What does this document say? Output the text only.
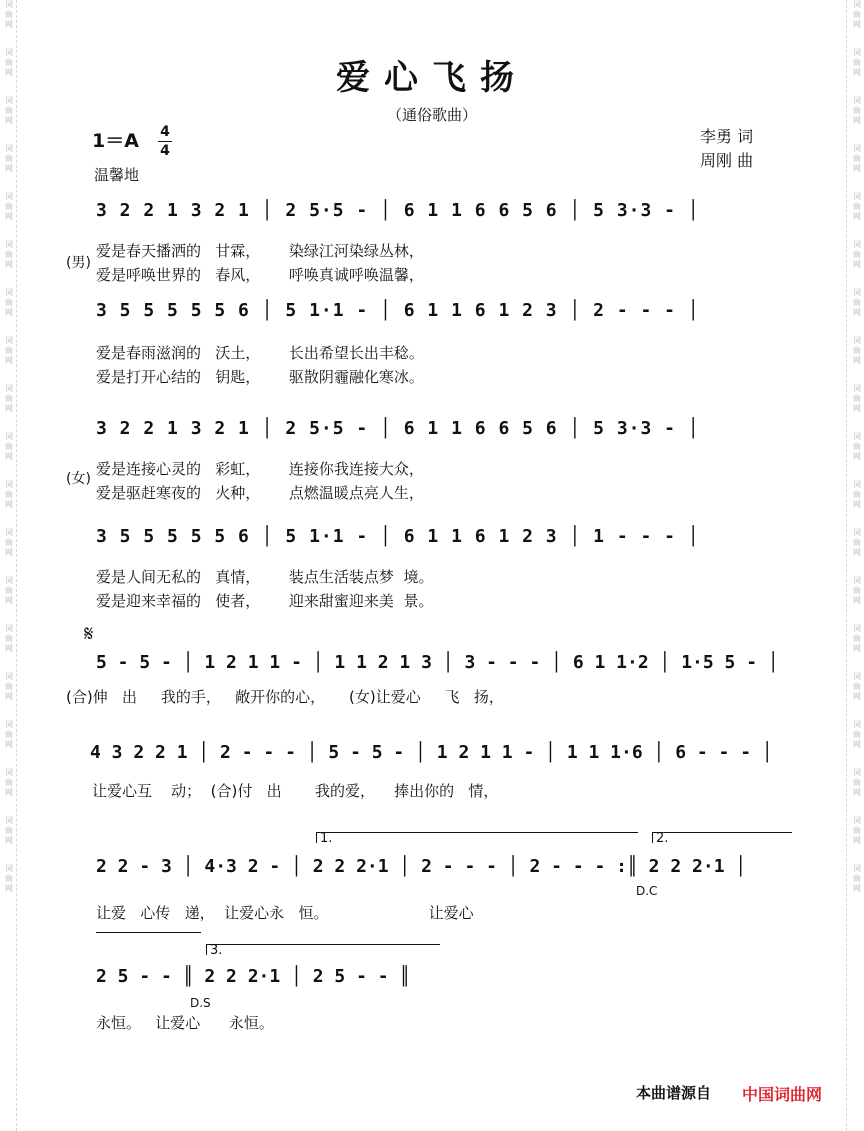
词
曲
网
词
曲
网
词
曲
网
词
曲
网
词
曲
网
词
曲
网
词
曲
网
词
曲
网
词
曲
网
词
曲
网
词
曲
网
词
曲
网
词
曲
网
词
曲
网
词
曲
网
词
曲
网
词
曲
网
词
曲
网
词
曲
网
词
曲
网
词
曲
网
词
曲
网
词
曲
网
词
曲
网
词
曲
网
词
曲
网
词
曲
网
词
曲
网
词
曲
网
词
曲
网
词
曲
网
词
曲
网
词
曲
网
词
曲
网
词
曲
网
词
曲
网
词
曲
网
词
曲
网
爱心飞扬
（通俗歌曲）
1＝A 4
4
温馨地
李勇 词
周刚 曲
3 2 2 1 3 2 1 │ 2 5·5 - │ 6 1 1 6 6 5 6 │ 5 3·3 - │
(男)
爱是春天播洒的   甘霖，      染绿江河染绿丛林，
爱是呼唤世界的   春风，      呼唤真诚呼唤温馨，
3 5 5 5 5 5 6 │ 5 1·1 - │ 6 1 1 6 1 2 3 │ 2 - - - │
爱是春雨滋润的   沃土，      长出希望长出丰稔。
爱是打开心结的   钥匙，      驱散阴霾融化寒冰。
3 2 2 1 3 2 1 │ 2 5·5 - │ 6 1 1 6 6 5 6 │ 5 3·3 - │
(女)
爱是连接心灵的   彩虹，      连接你我连接大众，
爱是驱赶寒夜的   火种，      点燃温暖点亮人生，
3 5 5 5 5 5 6 │ 5 1·1 - │ 6 1 1 6 1 2 3 │ 1 - - - │
爱是人间无私的   真情，      装点生活装点梦  境。
爱是迎来幸福的   使者，      迎来甜蜜迎来美  景。
𝄋
5 - 5 - │ 1 2 1 1 - │ 1 1 2 1 3 │ 3 - - - │ 6 1 1·2 │ 1·5 5 - │
(合)伸   出     我的手，   敞开你的心，     (女)让爱心     飞   扬，
4 3 2 2 1 │ 2 - - - │ 5 - 5 - │ 1 2 1 1 - │ 1 1 1·6 │ 6 - - - │
让爱心互    动；  (合)付   出       我的爱，    捧出你的   情，
1.	2.
2 2 - 3 │ 4·3 2 - │ 2 2 2·1 │ 2 - - - │ 2 - - - :║ 2 2 2·1 │
D.C
让爱   心传   递，  让爱心永   恒。                     让爱心
3.
2 5 - - ║ 2 2 2·1 │ 2 5 - - ║
D.S
永恒。   让爱心      永恒。
本曲谱源自 中国词曲网
